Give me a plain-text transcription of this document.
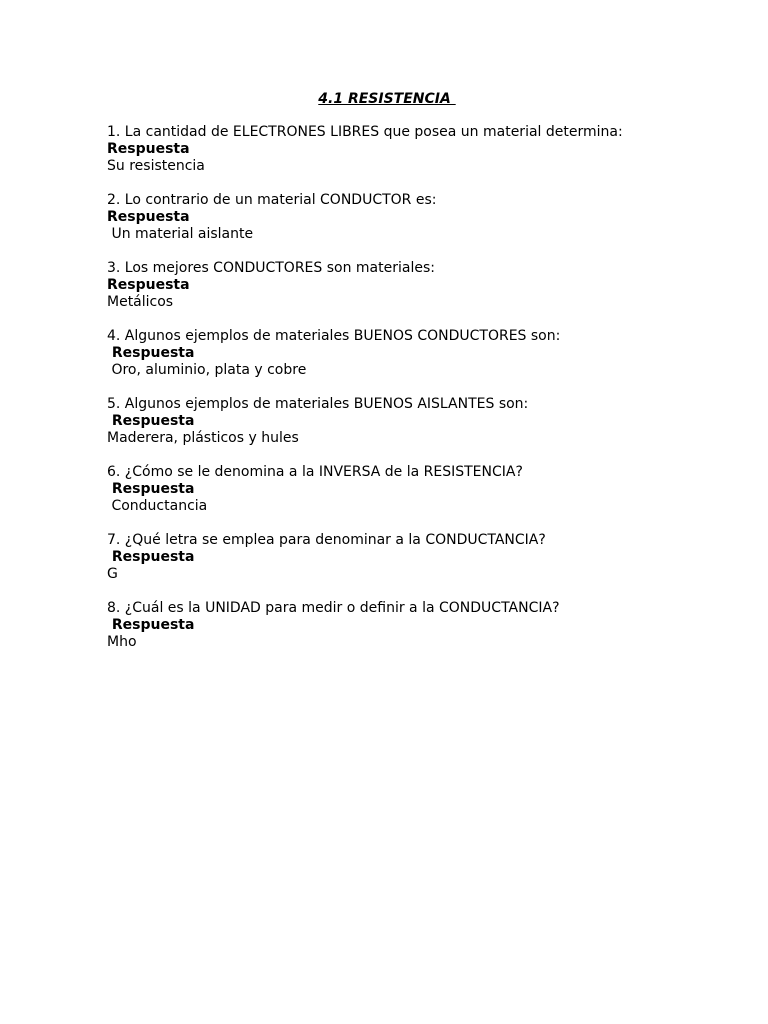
4.1 RESISTENCIA
1. La cantidad de ELECTRONES LIBRES que posea un material determina:
Respuesta
Su resistencia
2. Lo contrario de un material CONDUCTOR es:
Respuesta
Un material aislante
3. Los mejores CONDUCTORES son materiales:
Respuesta
Metálicos
4. Algunos ejemplos de materiales BUENOS CONDUCTORES son:
Respuesta
Oro, aluminio, plata y cobre
5. Algunos ejemplos de materiales BUENOS AISLANTES son:
Respuesta
Maderera, plásticos y hules
6. ¿Cómo se le denomina a la INVERSA de la RESISTENCIA?
Respuesta
Conductancia
7. ¿Qué letra se emplea para denominar a la CONDUCTANCIA?
Respuesta
G
8. ¿Cuál es la UNIDAD para medir o definir a la CONDUCTANCIA?
Respuesta
Mho
